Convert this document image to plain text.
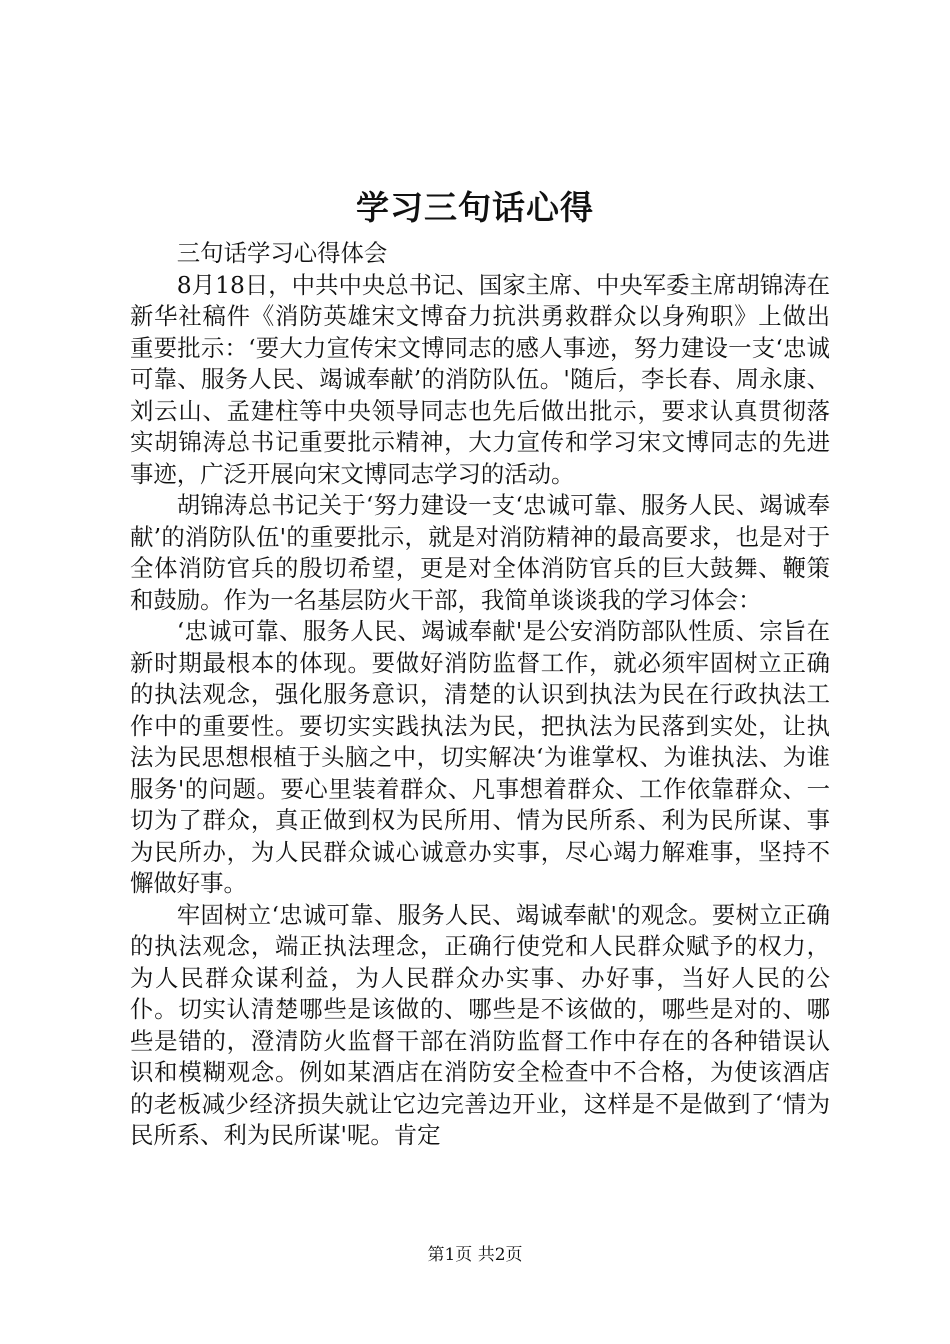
学习三句话心得

三句话学习心得体会

8月18日，中共中央总书记、国家主席、中央军委主席胡锦涛在新华社稿件《消防英雄宋文博奋力抗洪勇救群众以身殉职》上做出重要批示：‘要大力宣传宋文博同志的感人事迹，努力建设一支‘忠诚可靠、服务人民、竭诚奉献’的消防队伍。'随后，李长春、周永康、刘云山、孟建柱等中央领导同志也先后做出批示，要求认真贯彻落实胡锦涛总书记重要批示精神，大力宣传和学习宋文博同志的先进事迹，广泛开展向宋文博同志学习的活动。

胡锦涛总书记关于‘努力建设一支‘忠诚可靠、服务人民、竭诚奉献’的消防队伍'的重要批示，就是对消防精神的最高要求，也是对于全体消防官兵的殷切希望，更是对全体消防官兵的巨大鼓舞、鞭策和鼓励。作为一名基层防火干部，我简单谈谈我的学习体会：

‘忠诚可靠、服务人民、竭诚奉献'是公安消防部队性质、宗旨在新时期最根本的体现。要做好消防监督工作，就必须牢固树立正确的执法观念，强化服务意识，清楚的认识到执法为民在行政执法工作中的重要性。要切实实践执法为民，把执法为民落到实处，让执法为民思想根植于头脑之中，切实解决‘为谁掌权、为谁执法、为谁服务'的问题。要心里装着群众、凡事想着群众、工作依靠群众、一切为了群众，真正做到权为民所用、情为民所系、利为民所谋、事为民所办，为人民群众诚心诚意办实事，尽心竭力解难事，坚持不懈做好事。

牢固树立‘忠诚可靠、服务人民、竭诚奉献'的观念。要树立正确的执法观念，端正执法理念，正确行使党和人民群众赋予的权力，为人民群众谋利益，为人民群众办实事、办好事，当好人民的公仆。切实认清楚哪些是该做的、哪些是不该做的，哪些是对的、哪些是错的，澄清防火监督干部在消防监督工作中存在的各种错误认识和模糊观念。例如某酒店在消防安全检查中不合格，为使该酒店的老板减少经济损失就让它边完善边开业，这样是不是做到了‘情为民所系、利为民所谋'呢。肯定

第1页 共2页
